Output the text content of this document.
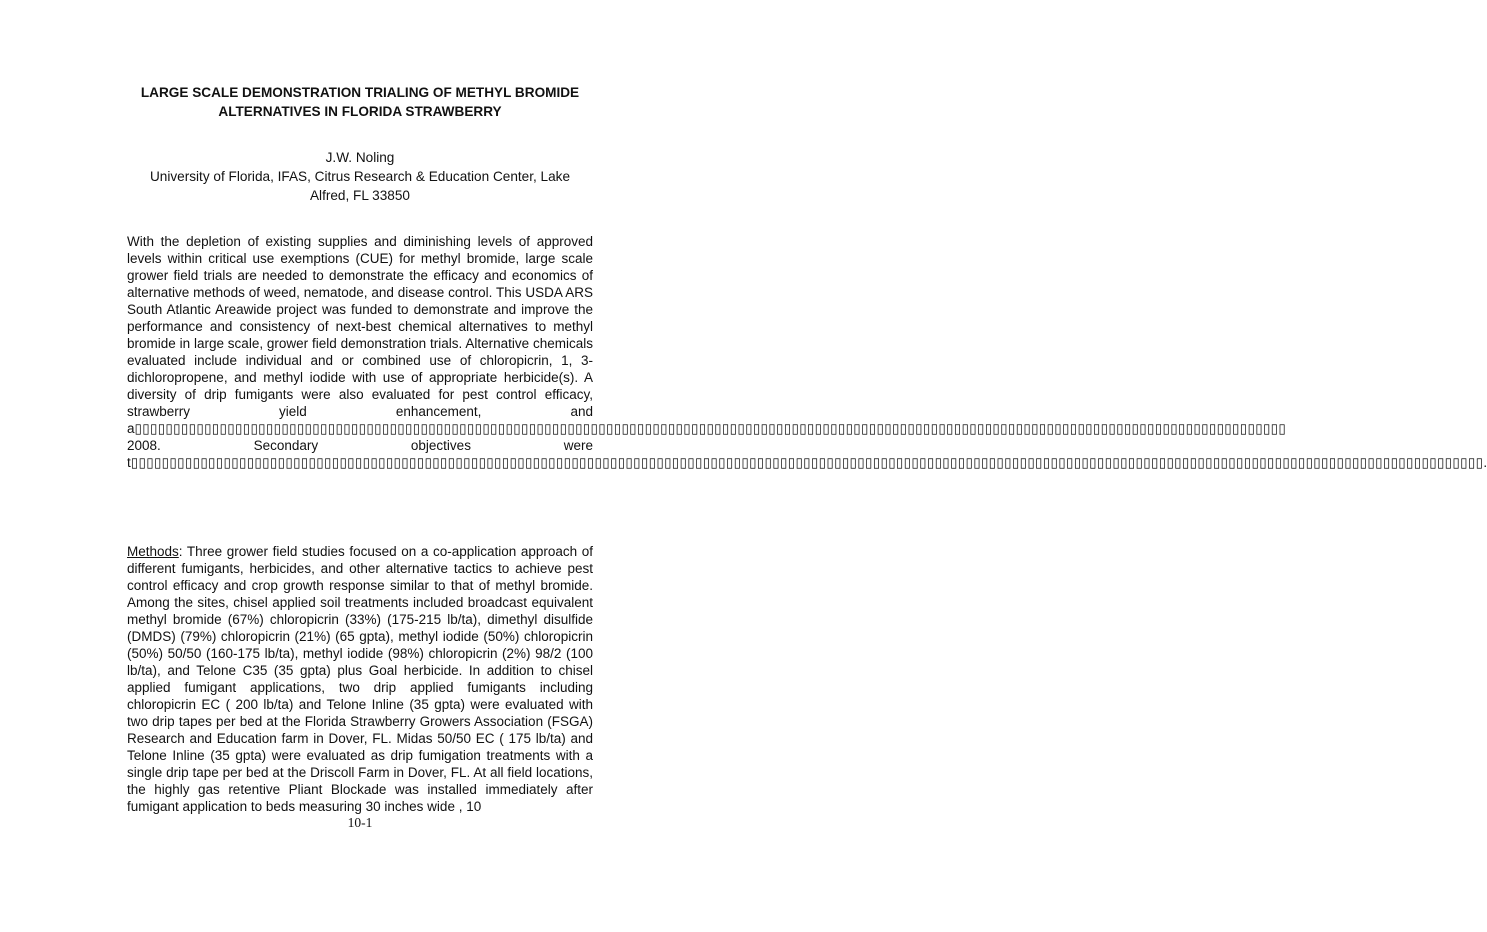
LARGE SCALE DEMONSTRATION TRIALING OF METHYL BROMIDE
ALTERNATIVES IN FLORIDA STRAWBERRY
J.W. Noling
University of Florida, IFAS, Citrus Research & Education Center, Lake
Alfred, FL 33850

With the depletion of existing supplies and diminishing levels of approved levels within critical use exemptions (CUE) for methyl bromide, large scale grower field trials are needed to demonstrate the efficacy and economics of alternative methods of weed, nematode, and disease control. This USDA ARS South Atlantic Areawide project was funded to demonstrate and improve the performance and consistency of next-best chemical alternatives to methyl bromide in large scale, grower field demonstration trials. Alternative chemicals evaluated include individual and or combined use of chloropicrin, 1, 3-dichloropropene, and methyl iodide with use of appropriate herbicide(s). A diversity of drip fumigants were also evaluated for pest control efficacy, strawberry yield enhancement, and a▯▯▯▯▯▯▯▯▯▯▯▯▯▯▯▯▯▯▯▯▯▯▯▯▯▯▯▯▯▯▯▯▯▯▯▯▯▯▯▯▯▯▯▯▯▯▯▯▯▯▯▯▯▯▯▯▯▯▯▯▯▯▯▯▯▯▯▯▯▯▯▯▯▯▯▯▯▯▯▯▯▯▯▯▯▯▯▯▯▯▯▯▯▯▯▯▯▯▯▯▯▯▯▯▯▯▯▯▯▯▯▯▯▯▯▯▯▯▯▯▯▯▯▯▯▯▯▯▯▯▯▯▯▯▯▯▯▯▯▯▯▯▯▯▯▯▯▯▯ 2008. Secondary objectives were t▯▯▯▯▯▯▯▯▯▯▯▯▯▯▯▯▯▯▯▯▯▯▯▯▯▯▯▯▯▯▯▯▯▯▯▯▯▯▯▯▯▯▯▯▯▯▯▯▯▯▯▯▯▯▯▯▯▯▯▯▯▯▯▯▯▯▯▯▯▯▯▯▯▯▯▯▯▯▯▯▯▯▯▯▯▯▯▯▯▯▯▯▯▯▯▯▯▯▯▯▯▯▯▯▯▯▯▯▯▯▯▯▯▯▯▯▯▯▯▯▯▯▯▯▯▯▯▯▯▯▯▯▯▯▯▯▯▯▯▯▯▯▯▯▯▯▯▯▯▯▯▯▯▯▯▯▯▯▯▯▯▯▯▯▯▯▯▯▯▯▯▯▯▯▯.

Methods: Three grower field studies focused on a co-application approach of different fumigants, herbicides, and other alternative tactics to achieve pest control efficacy and crop growth response similar to that of methyl bromide. Among the sites, chisel applied soil treatments included broadcast equivalent methyl bromide (67%) chloropicrin (33%) (175-215 lb/ta), dimethyl disulfide (DMDS) (79%) chloropicrin (21%) (65 gpta), methyl iodide (50%) chloropicrin (50%) 50/50 (160-175 lb/ta), methyl iodide (98%) chloropicrin (2%) 98/2 (100 lb/ta), and Telone C35 (35 gpta) plus Goal herbicide. In addition to chisel applied fumigant applications, two drip applied fumigants including chloropicrin EC ( 200 lb/ta) and Telone Inline (35 gpta) were evaluated with two drip tapes per bed at the Florida Strawberry Growers Association (FSGA) Research and Education farm in Dover, FL. Midas 50/50 EC ( 175 lb/ta) and Telone Inline (35 gpta) were evaluated as drip fumigation treatments with a single drip tape per bed at the Driscoll Farm in Dover, FL. At all field locations, the highly gas retentive Pliant Blockade was installed immediately after fumigant application to beds measuring 30 inches wide , 10

10-1
